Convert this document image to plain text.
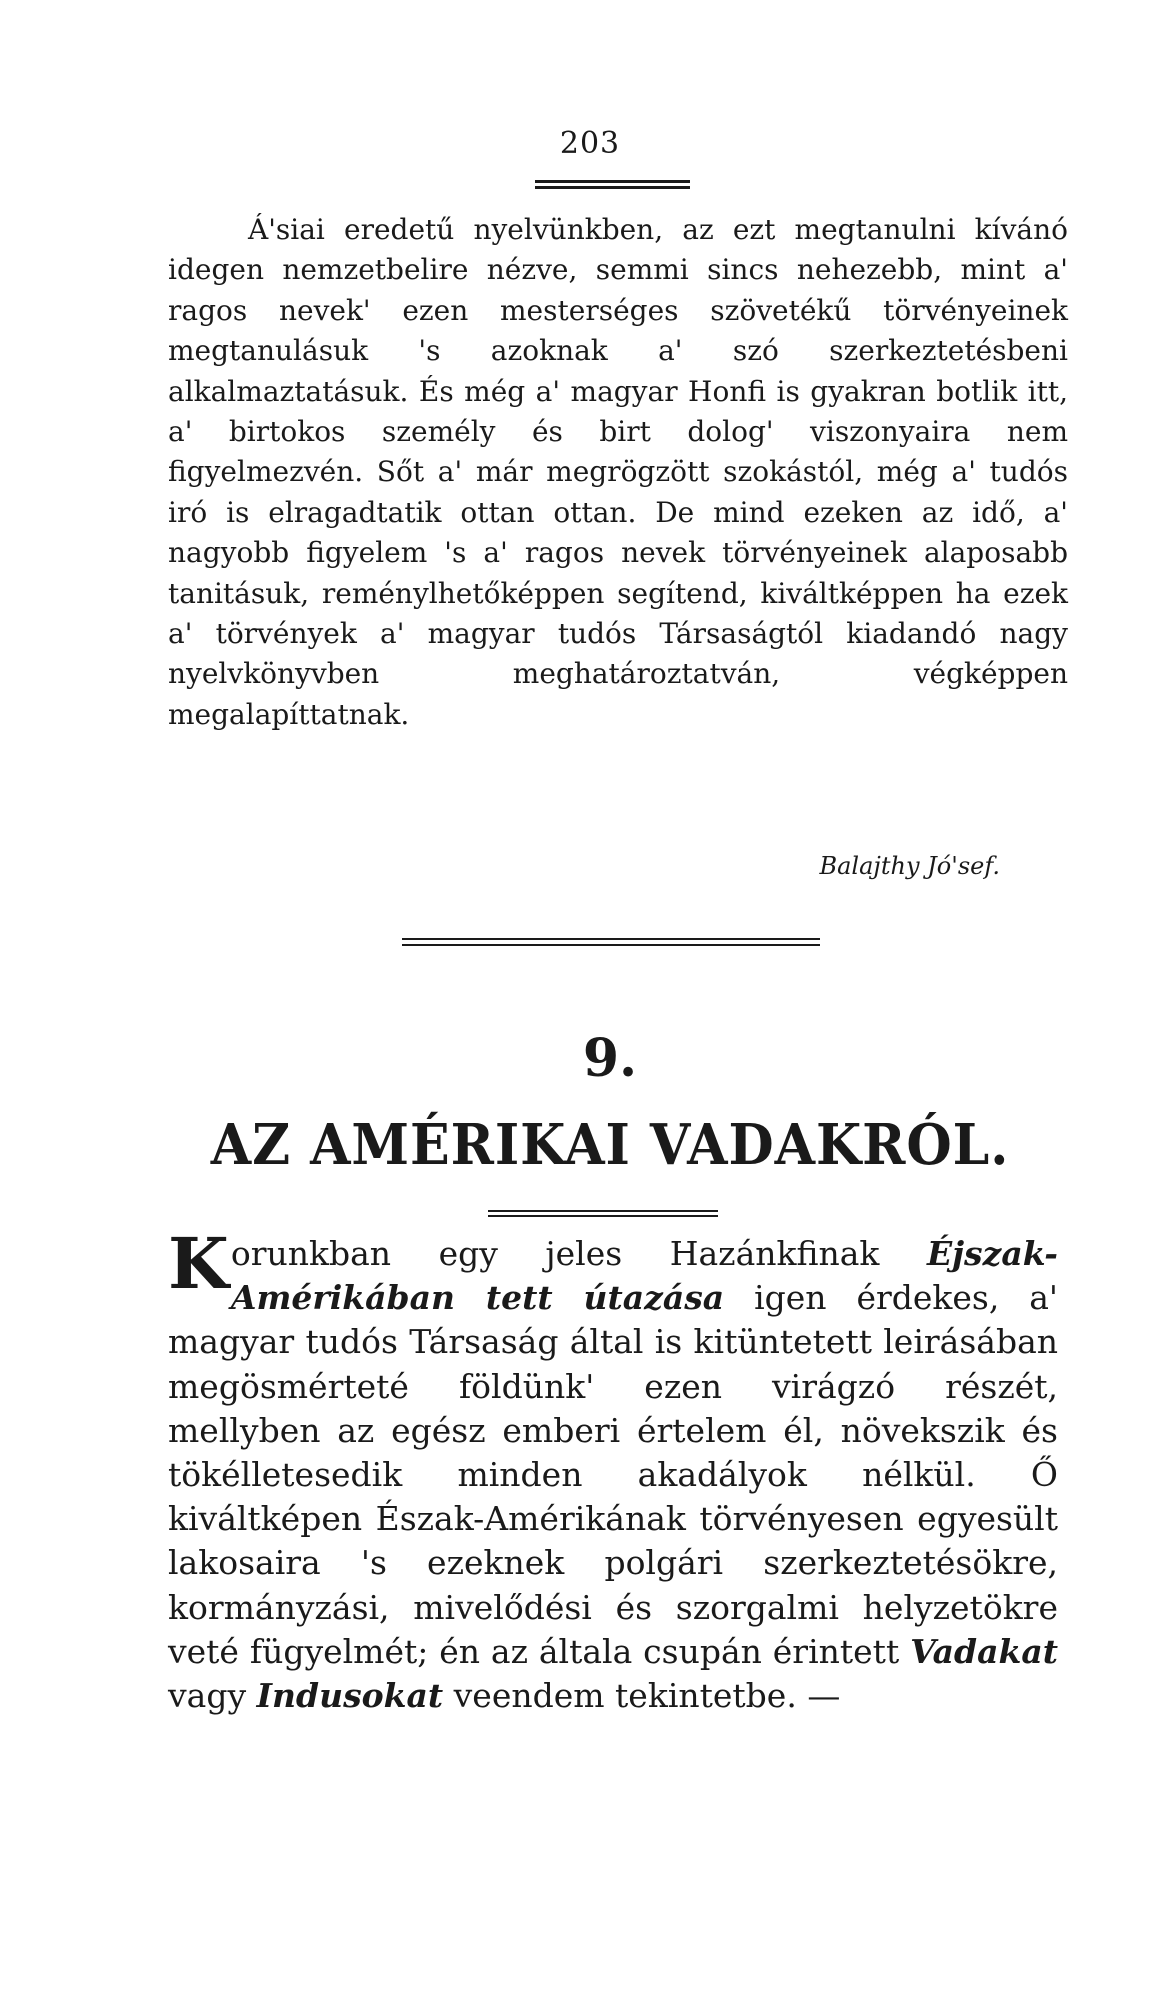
203
Á'siai eredetű nyelvünkben, az ezt megtanulni kívánó idegen nemzetbelire nézve, semmi sincs nehezebb, mint a' ragos nevek' ezen mesterséges szövetékű törvényeinek megtanulásuk 's azoknak a' szó szerkeztetésbeni alkalmaztatásuk. És még a' magyar Honfi is gyakran botlik itt, a' birtokos személy és birt dolog' viszonyaira nem figyelmezvén. Sőt a' már megrögzött szokástól, még a' tudós iró is elragadtatik ottan ottan. De mind ezeken az idő, a' nagyobb figyelem 's a' ragos nevek törvényeinek alaposabb tanitásuk, reménylhetőképpen segítend, kiváltképpen ha ezek a' törvények a' magyar tudós Társaságtól kiadandó nagy nyelvkönyvben meghatároztatván, végképpen megalapíttatnak.
Balajthy Jó'sef.
9.
AZ AMÉRIKAI VADAKRÓL.
Korunkban egy jeles Hazánkfinak Éjszak-Amérikában tett útazása igen érdekes, a' magyar tudós Társaság által is kitüntetett leirásában megösmérteté földünk' ezen virágzó részét, mellyben az egész emberi értelem él, növekszik és tökélletesedik minden akadályok nélkül. Ő kiváltképen Észak-Amérikának törvényesen egyesült lakosaira 's ezeknek polgári szerkeztetésökre, kormányzási, mivelődési és szorgalmi helyzetökre veté fügyelmét; én az általa csupán érintett Vadakat vagy Indusokat veendem tekintetbe. —
